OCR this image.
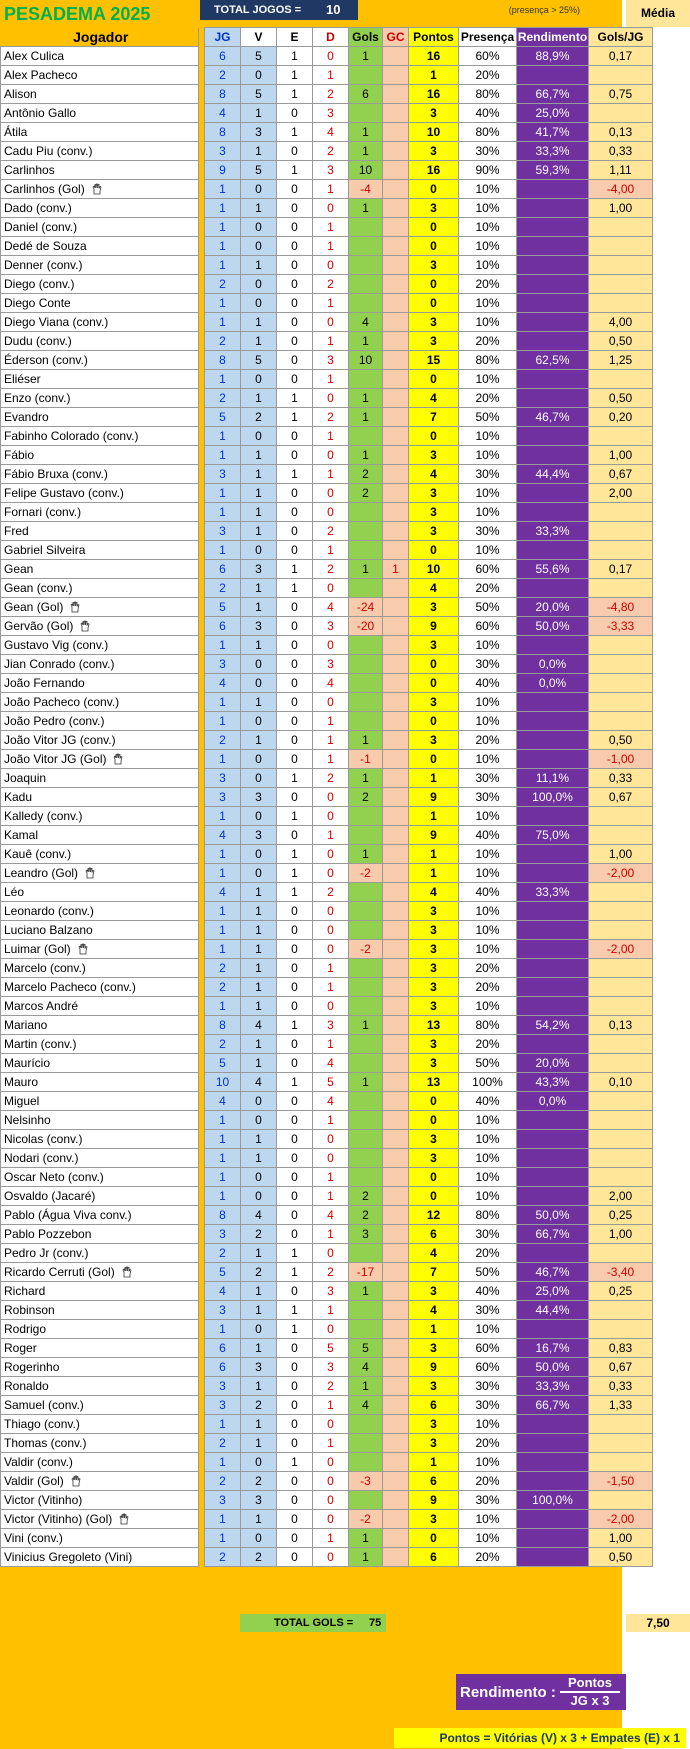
PESADEMA 2025	TOTAL JOGOS = 10	(presença > 25%)
Jogador		JG	V	E	D	Gols	GC	Pontos	Presença	Rendimento	Gols/JG
Alex Culica		6	5	1	0	1		16	60%	88,9%	0,17
Alex Pacheco		2	0	1	1			1	20%		
Alison		8	5	1	2	6		16	80%	66,7%	0,75
Antônio Gallo		4	1	0	3			3	40%	25,0%	
Átila		8	3	1	4	1		10	80%	41,7%	0,13
Cadu Piu (conv.)		3	1	0	2	1		3	30%	33,3%	0,33
Carlinhos		9	5	1	3	10		16	90%	59,3%	1,11
Carlinhos (Gol)		1	0	0	1	-4		0	10%		-4,00
Dado (conv.)		1	1	0	0	1		3	10%		1,00
Daniel (conv.)		1	0	0	1			0	10%		
Dedé de Souza		1	0	0	1			0	10%		
Denner (conv.)		1	1	0	0			3	10%		
Diego (conv.)		2	0	0	2			0	20%		
Diego Conte		1	0	0	1			0	10%		
Diego Viana (conv.)		1	1	0	0	4		3	10%		4,00
Dudu (conv.)		2	1	0	1	1		3	20%		0,50
Éderson (conv.)		8	5	0	3	10		15	80%	62,5%	1,25
Eliéser		1	0	0	1			0	10%		
Enzo (conv.)		2	1	1	0	1		4	20%		0,50
Evandro		5	2	1	2	1		7	50%	46,7%	0,20
Fabinho Colorado (conv.)		1	0	0	1			0	10%		
Fábio		1	1	0	0	1		3	10%		1,00
Fábio Bruxa (conv.)		3	1	1	1	2		4	30%	44,4%	0,67
Felipe Gustavo (conv.)		1	1	0	0	2		3	10%		2,00
Fornari (conv.)		1	1	0	0			3	10%		
Fred		3	1	0	2			3	30%	33,3%	
Gabriel Silveira		1	0	0	1			0	10%		
Gean		6	3	1	2	1	1	10	60%	55,6%	0,17
Gean (conv.)		2	1	1	0			4	20%		
Gean (Gol)		5	1	0	4	-24		3	50%	20,0%	-4,80
Gervão (Gol)		6	3	0	3	-20		9	60%	50,0%	-3,33
Gustavo Vig (conv.)		1	1	0	0			3	10%		
Jian Conrado (conv.)		3	0	0	3			0	30%	0,0%	
João Fernando		4	0	0	4			0	40%	0,0%	
João Pacheco (conv.)		1	1	0	0			3	10%		
João Pedro (conv.)		1	0	0	1			0	10%		
João Vitor JG (conv.)		2	1	0	1	1		3	20%		0,50
João Vitor JG (Gol)		1	0	0	1	-1		0	10%		-1,00
Joaquin		3	0	1	2	1		1	30%	11,1%	0,33
Kadu		3	3	0	0	2		9	30%	100,0%	0,67
Kalledy (conv.)		1	0	1	0			1	10%		
Kamal		4	3	0	1			9	40%	75,0%	
Kauê (conv.)		1	0	1	0	1		1	10%		1,00
Leandro (Gol)		1	0	1	0	-2		1	10%		-2,00
Léo		4	1	1	2			4	40%	33,3%	
Leonardo (conv.)		1	1	0	0			3	10%		
Luciano Balzano		1	1	0	0			3	10%		
Luimar (Gol)		1	1	0	0	-2		3	10%		-2,00
Marcelo (conv.)		2	1	0	1			3	20%		
Marcelo Pacheco (conv.)		2	1	0	1			3	20%		
Marcos André		1	1	0	0			3	10%		
Mariano		8	4	1	3	1		13	80%	54,2%	0,13
Martin (conv.)		2	1	0	1			3	20%		
Maurício		5	1	0	4			3	50%	20,0%	
Mauro		10	4	1	5	1		13	100%	43,3%	0,10
Miguel		4	0	0	4			0	40%	0,0%	
Nelsinho		1	0	0	1			0	10%		
Nicolas (conv.)		1	1	0	0			3	10%		
Nodari (conv.)		1	1	0	0			3	10%		
Oscar Neto (conv.)		1	0	0	1			0	10%		
Osvaldo (Jacaré)		1	0	0	1	2		0	10%		2,00
Pablo (Água Viva conv.)		8	4	0	4	2		12	80%	50,0%	0,25
Pablo Pozzebon		3	2	0	1	3		6	30%	66,7%	1,00
Pedro Jr (conv.)		2	1	1	0			4	20%		
Ricardo Cerruti (Gol)		5	2	1	2	-17		7	50%	46,7%	-3,40
Richard		4	1	0	3	1		3	40%	25,0%	0,25
Robinson		3	1	1	1			4	30%	44,4%	
Rodrigo		1	0	1	0			1	10%		
Roger		6	1	0	5	5		3	60%	16,7%	0,83
Rogerinho		6	3	0	3	4		9	60%	50,0%	0,67
Ronaldo		3	1	0	2	1		3	30%	33,3%	0,33
Samuel (conv.)		3	2	0	1	4		6	30%	66,7%	1,33
Thiago (conv.)		1	1	0	0			3	10%		
Thomas (conv.)		2	1	0	1			3	20%		
Valdir (conv.)		1	0	1	0			1	10%		
Valdir (Gol)		2	2	0	0	-3		6	20%		-1,50
Victor (Vitinho)		3	3	0	0			9	30%	100,0%	
Victor (Vitinho) (Gol)		1	1	0	0	-2		3	10%		-2,00
Vini (conv.)		1	0	0	1	1		0	10%		1,00
Vinicius Gregoleto (Vini)		2	2	0	0	1		6	20%		0,50
Média
TOTAL GOLS = 75	7,50
Rendimento :
Pontos
JG x 3
Pontos = Vitórias (V) x 3 + Empates (E) x 1
